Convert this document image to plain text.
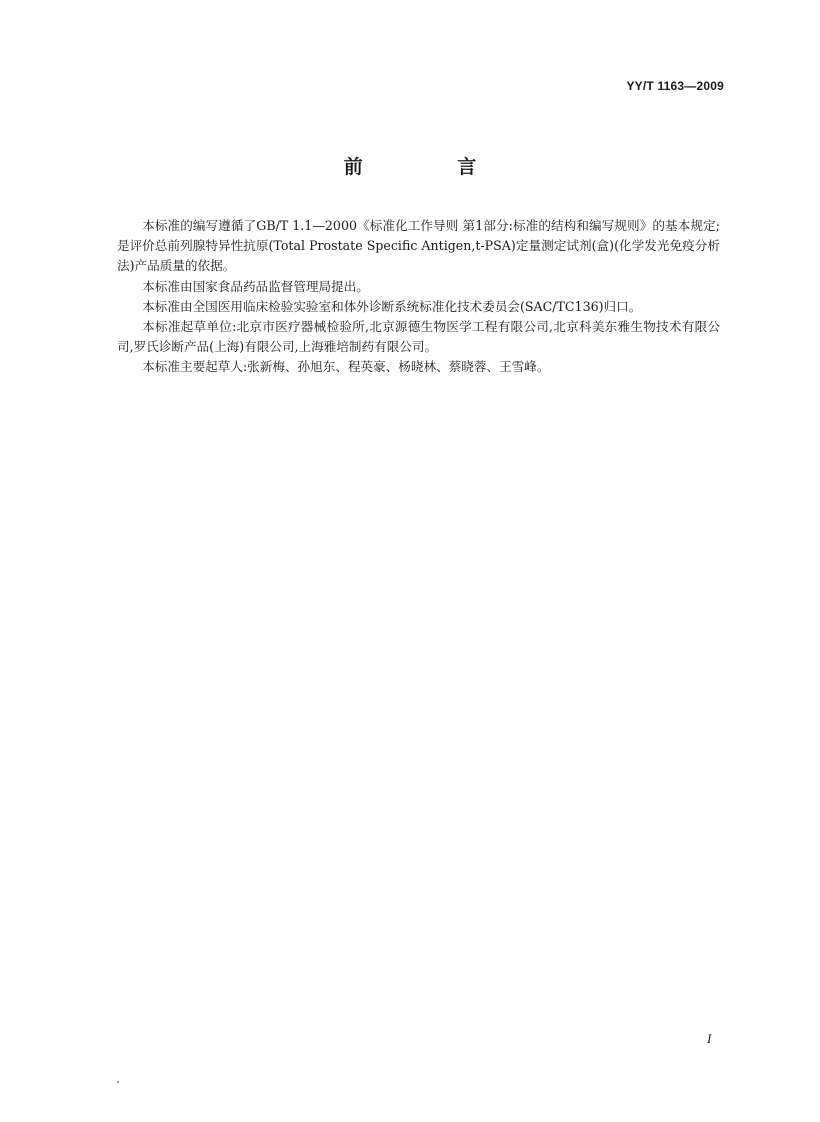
YY/T 1163—2009
前 言

本标准的编写遵循了GB/T 1.1—2000《标准化工作导则 第1部分:标准的结构和编写规则》的基本规定;是评价总前列腺特异性抗原(Total Prostate Specific Antigen,t-PSA)定量测定试剂(盒)(化学发光免疫分析法)产品质量的依据。

本标准由国家食品药品监督管理局提出。

本标准由全国医用临床检验实验室和体外诊断系统标准化技术委员会(SAC/TC136)归口。

本标准起草单位:北京市医疗器械检验所,北京源德生物医学工程有限公司,北京科美东雅生物技术有限公司,罗氏诊断产品(上海)有限公司,上海雅培制药有限公司。

本标准主要起草人:张新梅、孙旭东、程英豪、杨晓林、蔡晓蓉、王雪峰。

I
